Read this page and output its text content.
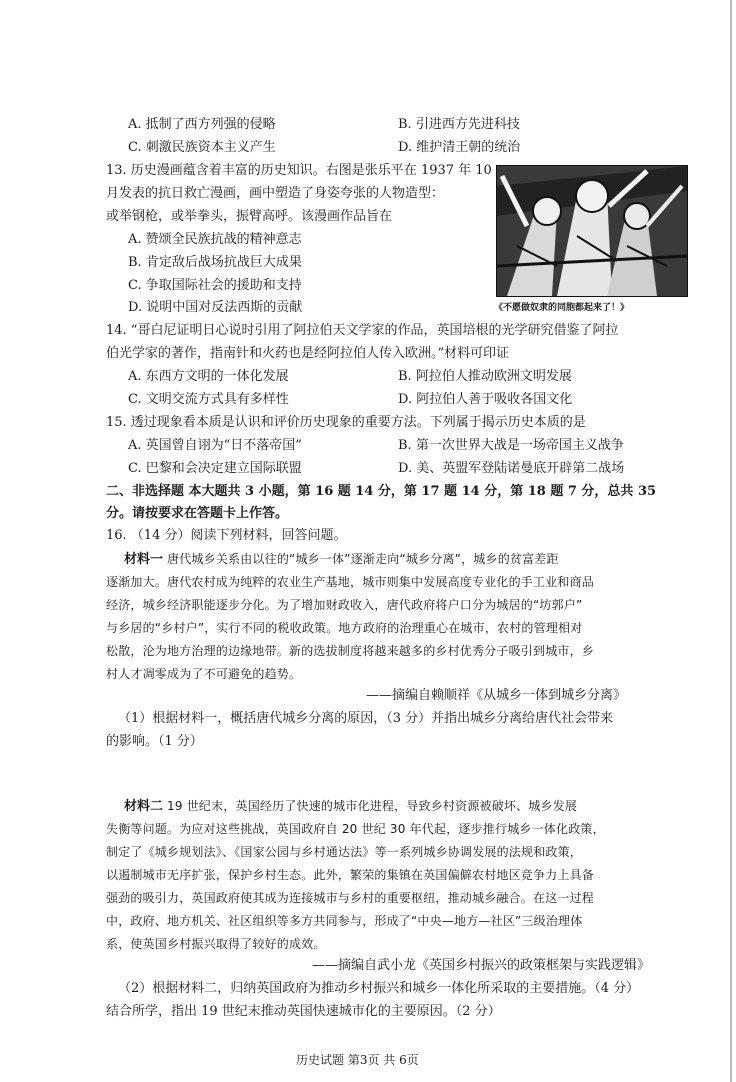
A. 抵制了西方列强的侵略	B. 引进西方先进科技
C. 刺激民族资本主义产生	D. 维护清王朝的统治
13. 历史漫画蕴含着丰富的历史知识。右图是张乐平在 1937 年 10
月发表的抗日救亡漫画，画中塑造了身姿夸张的人物造型：
或举钢枪，或举拳头，振臂高呼。该漫画作品旨在
A. 赞颂全民族抗战的精神意志
B. 肯定敌后战场抗战巨大成果
C. 争取国际社会的援助和支持
D. 说明中国对反法西斯的贡献	《不愿做奴隶的同胞都起来了！》
14. “哥白尼证明日心说时引用了阿拉伯天文学家的作品，英国培根的光学研究借鉴了阿拉
伯光学家的著作，指南针和火药也是经阿拉伯人传入欧洲。”材料可印证
A. 东西方文明的一体化发展	B. 阿拉伯人推动欧洲文明发展
C. 文明交流方式具有多样性	D. 阿拉伯人善于吸收各国文化
15. 透过现象看本质是认识和评价历史现象的重要方法。下列属于揭示历史本质的是
A. 英国曾自诩为“日不落帝国”	B. 第一次世界大战是一场帝国主义战争
C. 巴黎和会决定建立国际联盟	D. 美、英盟军登陆诺曼底开辟第二战场
二、非选择题 本大题共 3 小题，第 16 题 14 分，第 17 题 14 分，第 18 题 7 分，总共 35
分。请按要求在答题卡上作答。
16. （14 分）阅读下列材料，回答问题。
材料一 唐代城乡关系由以往的“城乡一体”逐渐走向“城乡分离”，城乡的贫富差距
逐渐加大。唐代农村成为纯粹的农业生产基地，城市则集中发展高度专业化的手工业和商品
经济，城乡经济职能逐步分化。为了增加财政收入，唐代政府将户口分为城居的“坊郭户”
与乡居的“乡村户”，实行不同的税收政策。地方政府的治理重心在城市，农村的管理相对
松散，沦为地方治理的边缘地带。新的选拔制度将越来越多的乡村优秀分子吸引到城市，乡
村人才凋零成为了不可避免的趋势。
——摘编自赖顺祥《从城乡一体到城乡分离》
（1）根据材料一，概括唐代城乡分离的原因，（3 分）并指出城乡分离给唐代社会带来
的影响。（1 分）
材料二 19 世纪末，英国经历了快速的城市化进程，导致乡村资源被破坏、城乡发展
失衡等问题。为应对这些挑战，英国政府自 20 世纪 30 年代起，逐步推行城乡一体化政策，
制定了《城乡规划法》、《国家公园与乡村通达法》等一系列城乡协调发展的法规和政策，
以遏制城市无序扩张，保护乡村生态。此外，繁荣的集镇在英国偏僻农村地区竞争力上具备
强劲的吸引力，英国政府使其成为连接城市与乡村的重要枢纽，推动城乡融合。在这一过程
中，政府、地方机关、社区组织等多方共同参与，形成了“中央—地方—社区”三级治理体
系，使英国乡村振兴取得了较好的成效。
——摘编自武小龙《英国乡村振兴的政策框架与实践逻辑》
（2）根据材料二，归纳英国政府为推动乡村振兴和城乡一体化所采取的主要措施。（4 分）
结合所学，指出 19 世纪末推动英国快速城市化的主要原因。（2 分）
历史试题 第3页 共 6页
